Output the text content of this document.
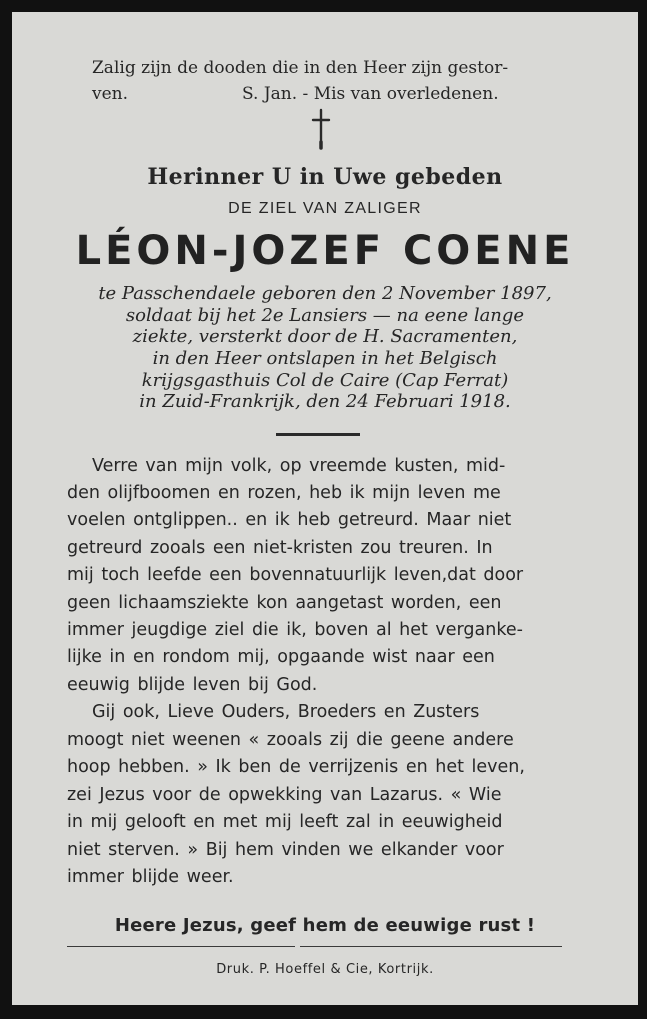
Zalig zijn de dooden die in den Heer zijn gestor-
ven.	S. Jan. - Mis van overledenen.
Herinner U in Uwe gebeden
DE ZIEL VAN ZALIGER
LÉON-JOZEF COENE
te Passchendaele geboren den 2 November 1897,
soldaat bij het 2e Lansiers — na eene lange
ziekte, versterkt door de H. Sacramenten,
in den Heer ontslapen in het Belgisch
krijgsgasthuis Col de Caire (Cap Ferrat)
in Zuid-Frankrijk, den 24 Februari 1918.
Verre van mijn volk, op vreemde kusten, mid-
den olijfboomen en rozen, heb ik mijn leven me
voelen ontglippen.. en ik heb getreurd. Maar niet
getreurd zooals een niet-kristen zou treuren. In
mij toch leefde een bovennatuurlijk leven,dat door
geen lichaamsziekte kon aangetast worden, een
immer jeugdige ziel die ik, boven al het verganke-
lijke in en rondom mij, opgaande wist naar een
eeuwig blijde leven bij God.
Gij ook, Lieve Ouders, Broeders en Zusters
moogt niet weenen « zooals zij die geene andere
hoop hebben. » Ik ben de verrijzenis en het leven,
zei Jezus voor de opwekking van Lazarus. « Wie
in mij gelooft en met mij leeft zal in eeuwigheid
niet sterven. » Bij hem vinden we elkander voor
immer blijde weer.
Heere Jezus, geef hem de eeuwige rust !
Druk. P. Hoeffel & Cie, Kortrijk.
